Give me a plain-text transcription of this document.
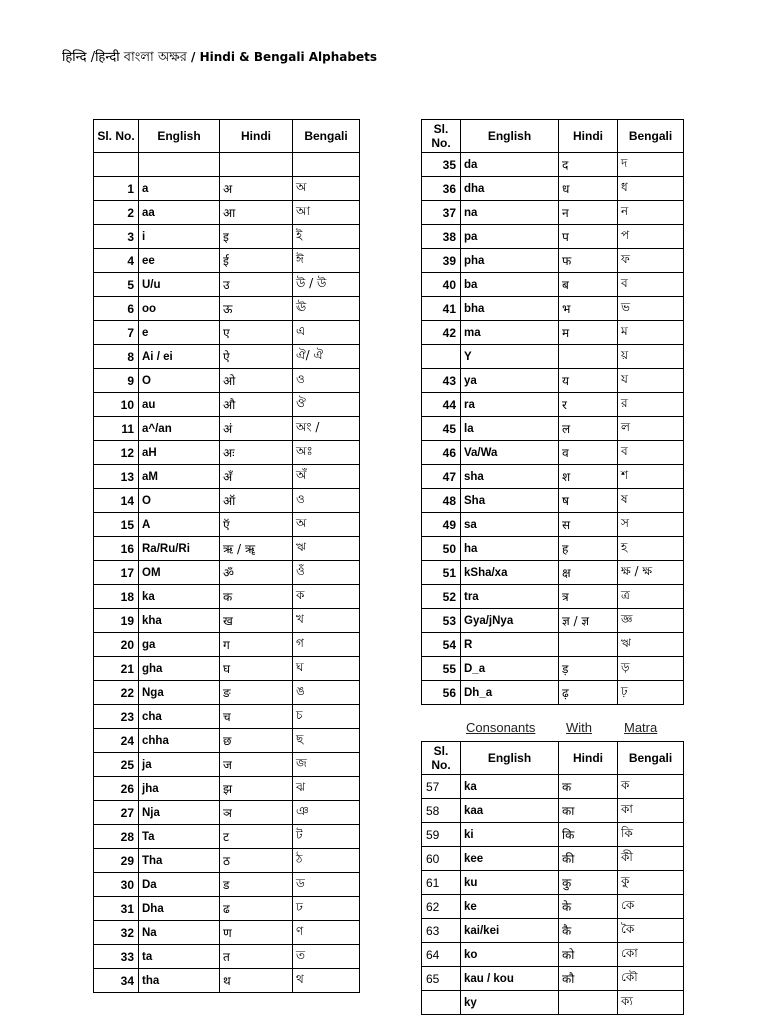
हिन्दि /हिन्दी বাংলা অক্ষর / Hindi & Bengali Alphabets
Sl. No.	English	Hindi	Bengali

1	a	अ	অ
2	aa	आ	আ
3	i	इ	ই
4	ee	ई	ঈ
5	U/u	उ	উ / উ
6	oo	ऊ	ঊ
7	e	ए	এ
8	Ai / ei	ऐ	ঐ/ ঐ
9	O	ओ	ও
10	au	औ	ঔ
11	a^/an	अं	অং /
12	aH	अः	অঃ
13	aM	अँ	অঁ
14	O	ऑ	ও
15	A	ऍ	অ
16	Ra/Ru/Ri	ऋ / ॠ	ঋ
17	OM	ॐ	ওঁ
18	ka	क	ক
19	kha	ख	খ
20	ga	ग	গ
21	gha	घ	ঘ
22	Nga	ङ	ঙ
23	cha	च	চ
24	chha	छ	ছ
25	ja	ज	জ
26	jha	झ	ঝ
27	Nja	ञ	ঞ
28	Ta	ट	ট
29	Tha	ठ	ঠ
30	Da	ड	ড
31	Dha	ढ	ঢ
32	Na	ण	ণ
33	ta	त	ত
34	tha	थ	থ
Sl. No.	English	Hindi	Bengali
35	da	द	দ
36	dha	ध	ধ
37	na	न	ন
38	pa	प	প
39	pha	फ	ফ
40	ba	ब	ব
41	bha	भ	ভ
42	ma	म	ম
	Y		য়
43	ya	य	য
44	ra	र	র
45	la	ल	ল
46	Va/Wa	व	ব
47	sha	श	শ
48	Sha	ष	ষ
49	sa	स	স
50	ha	ह	হ
51	kSha/xa	क्ष	ক্ষ / ক্ষ
52	tra	त्र	ত্র
53	Gya/jNya	ज्ञ / ज्ञ	জ্ঞ
54	R		ঋ
55	D_a	ड़	ড়
56	Dh_a	ढ़	ঢ়
Consonants With Matra
Sl. No.	English	Hindi	Bengali
57	ka	क	ক
58	kaa	का	কা
59	ki	कि	কি
60	kee	की	কী
61	ku	कु	কু
62	ke	के	কে
63	kai/kei	कै	কৈ
64	ko	को	কো
65	kau / kou	कौ	কৌ
	ky		ক্য
